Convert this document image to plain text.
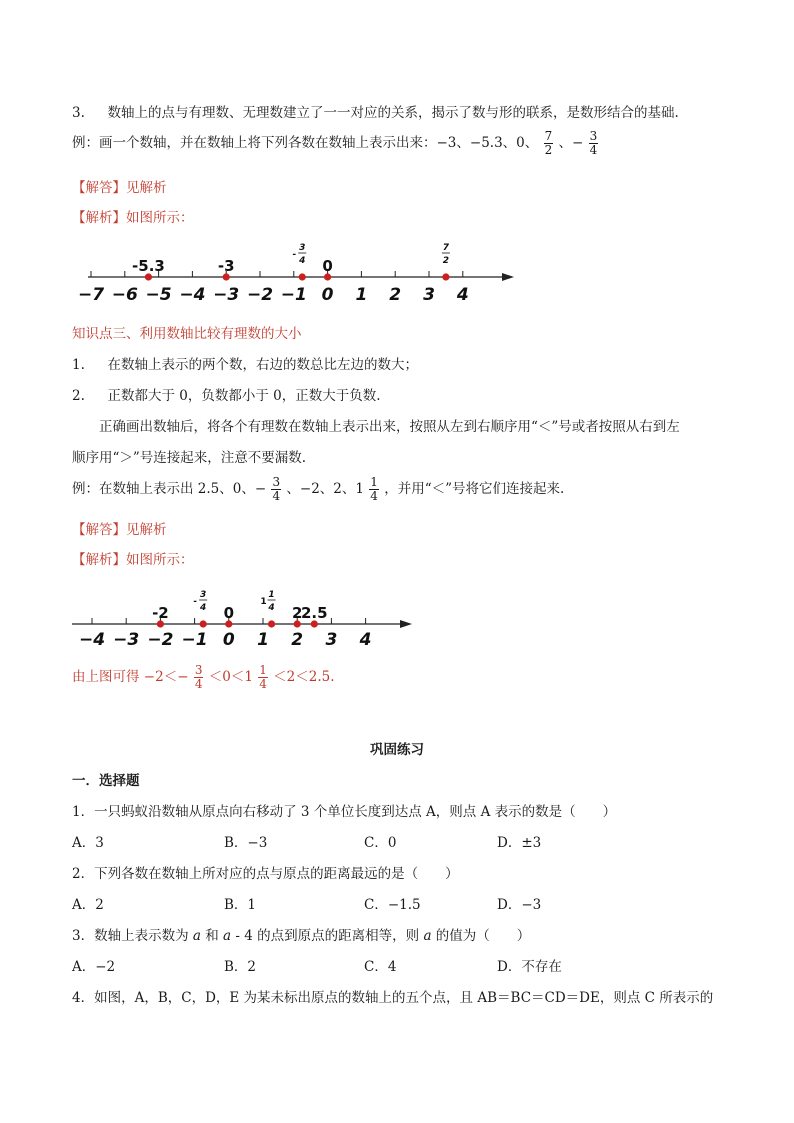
3. 数轴上的点与有理数、无理数建立了一一对应的关系，揭示了数与形的联系，是数形结合的基础.
例：画一个数轴，并在数轴上将下列各数在数轴上表示出来：−3、−5.3、0、 $\frac{7}{2}$ 、− $\frac{3}{4}$
【解答】见解析
【解析】如图所示：
−7 −6 −5 −4 −3 −2 −1 0 1 2 3 4
-5.3	-3
3
4
-
0
7
2
知识点三、利用数轴比较有理数的大小
1. 在数轴上表示的两个数，右边的数总比左边的数大；
2. 正数都大于 0，负数都小于 0，正数大于负数.
正确画出数轴后，将各个有理数在数轴上表示出来，按照从左到右顺序用“＜”号或者按照从右到左
顺序用“＞”号连接起来，注意不要漏数.
例：在数轴上表示出 2.5、0、− $\frac{3}{4}$ 、−2、2、$1 \frac{1}{4}$ ，并用“＜”号将它们连接起来.
【解答】见解析
【解析】如图所示：
−4 −3 −2 −1 0 1 2 3 4
-2
3
4
-
0
1
4
1
2
2.5
由上图可得 $-2<- \frac{3}{4} <0<1 \frac{1}{4} <2<2.5$.
巩固练习
一．选择题
1．一只蚂蚁沿数轴从原点向右移动了 3 个单位长度到达点 A，则点 A 表示的数是（　　）
A．3	B．−3	C．0	D．±3
2．下列各数在数轴上所对应的点与原点的距离最远的是（　　）
A．2	B．1	C．−1.5	D．−3
3．数轴上表示数为 a 和 a - 4 的点到原点的距离相等，则 a 的值为（　　）
A．−2	B．2	C．4	D．不存在
4．如图，A，B，C，D，E 为某未标出原点的数轴上的五个点，且 AB＝BC＝CD＝DE，则点 C 所表示的
